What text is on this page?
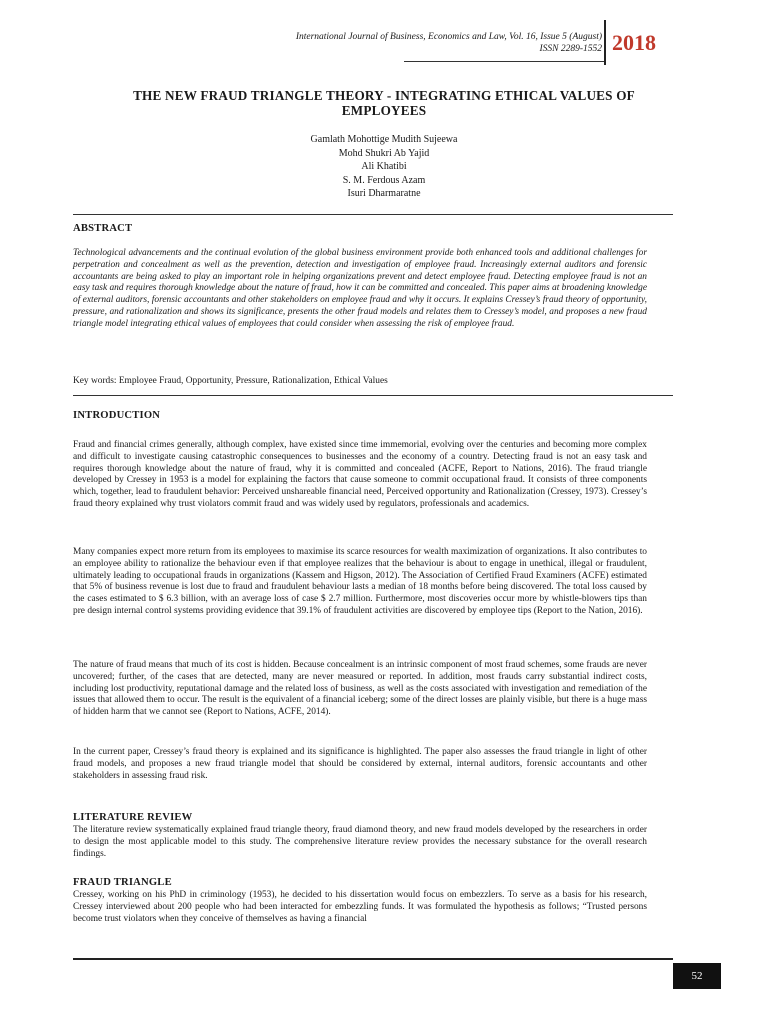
International Journal of Business, Economics and Law, Vol. 16, Issue 5 (August)
ISSN 2289-1552 2018
THE NEW FRAUD TRIANGLE THEORY - INTEGRATING ETHICAL VALUES OF EMPLOYEES
Gamlath Mohottige Mudith Sujeewa
Mohd Shukri Ab Yajid
Ali Khatibi
S. M. Ferdous Azam
Isuri Dharmaratne
ABSTRACT
Technological advancements and the continual evolution of the global business environment provide both enhanced tools and additional challenges for perpetration and concealment as well as the prevention, detection and investigation of employee fraud. Increasingly external auditors and forensic accountants are being asked to play an important role in helping organizations prevent and detect employee fraud. Detecting employee fraud is not an easy task and requires thorough knowledge about the nature of fraud, how it can be committed and concealed. This paper aims at broadening knowledge of external auditors, forensic accountants and other stakeholders on employee fraud and why it occurs. It explains Cressey’s fraud theory of opportunity, pressure, and rationalization and shows its significance, presents the other fraud models and relates them to Cressey’s model, and proposes a new fraud triangle model integrating ethical values of employees that could consider when assessing the risk of employee fraud.
Key words: Employee Fraud, Opportunity, Pressure, Rationalization, Ethical Values
INTRODUCTION
Fraud and financial crimes generally, although complex, have existed since time immemorial, evolving over the centuries and becoming more complex and difficult to investigate causing catastrophic consequences to businesses and the economy of a country. Detecting fraud is not an easy task and requires thorough knowledge about the nature of fraud, why it is committed and concealed (ACFE, Report to Nations, 2016). The fraud triangle developed by Cressey in 1953 is a model for explaining the factors that cause someone to commit occupational fraud. It consists of three components which, together, lead to fraudulent behavior: Perceived unshareable financial need, Perceived opportunity and Rationalization (Cressey, 1973). Cressey’s fraud theory explained why trust violators commit fraud and was widely used by regulators, professionals and academics.
Many companies expect more return from its employees to maximise its scarce resources for wealth maximization of organizations. It also contributes to an employee ability to rationalize the behaviour even if that employee realizes that the behaviour is about to engage in unethical, illegal or fraudulent, ultimately leading to occupational frauds in organizations (Kassem and Higson, 2012). The Association of Certified Fraud Examiners (ACFE) estimated that 5% of business revenue is lost due to fraud and fraudulent behaviour lasts a median of 18 months before being discovered. The total loss caused by the cases estimated to $ 6.3 billion, with an average loss of case $ 2.7 million. Furthermore, most discoveries occur more by whistle-blowers tips than pre design internal control systems providing evidence that 39.1% of fraudulent activities are discovered by employee tips (Report to the Nation, 2016).
The nature of fraud means that much of its cost is hidden. Because concealment is an intrinsic component of most fraud schemes, some frauds are never uncovered; further, of the cases that are detected, many are never measured or reported. In addition, most frauds carry substantial indirect costs, including lost productivity, reputational damage and the related loss of business, as well as the costs associated with investigation and remediation of the issues that allowed them to occur. The result is the equivalent of a financial iceberg; some of the direct losses are plainly visible, but there is a huge mass of hidden harm that we cannot see (Report to Nations, ACFE, 2014).
In the current paper, Cressey’s fraud theory is explained and its significance is highlighted. The paper also assesses the fraud triangle in light of other fraud models, and proposes a new fraud triangle model that should be considered by external, internal auditors, forensic accountants and other stakeholders in assessing fraud risk.
LITERATURE REVIEW
The literature review systematically explained fraud triangle theory, fraud diamond theory, and new fraud models developed by the researchers in order to design the most applicable model to this study. The comprehensive literature review provides the necessary substance for the overall research findings.
FRAUD TRIANGLE
Cressey, working on his PhD in criminology (1953), he decided to his dissertation would focus on embezzlers. To serve as a basis for his research, Cressey interviewed about 200 people who had been interacted for embezzling funds. It was formulated the hypothesis as follows; “Trusted persons become trust violators when they conceive of themselves as having a financial
52
